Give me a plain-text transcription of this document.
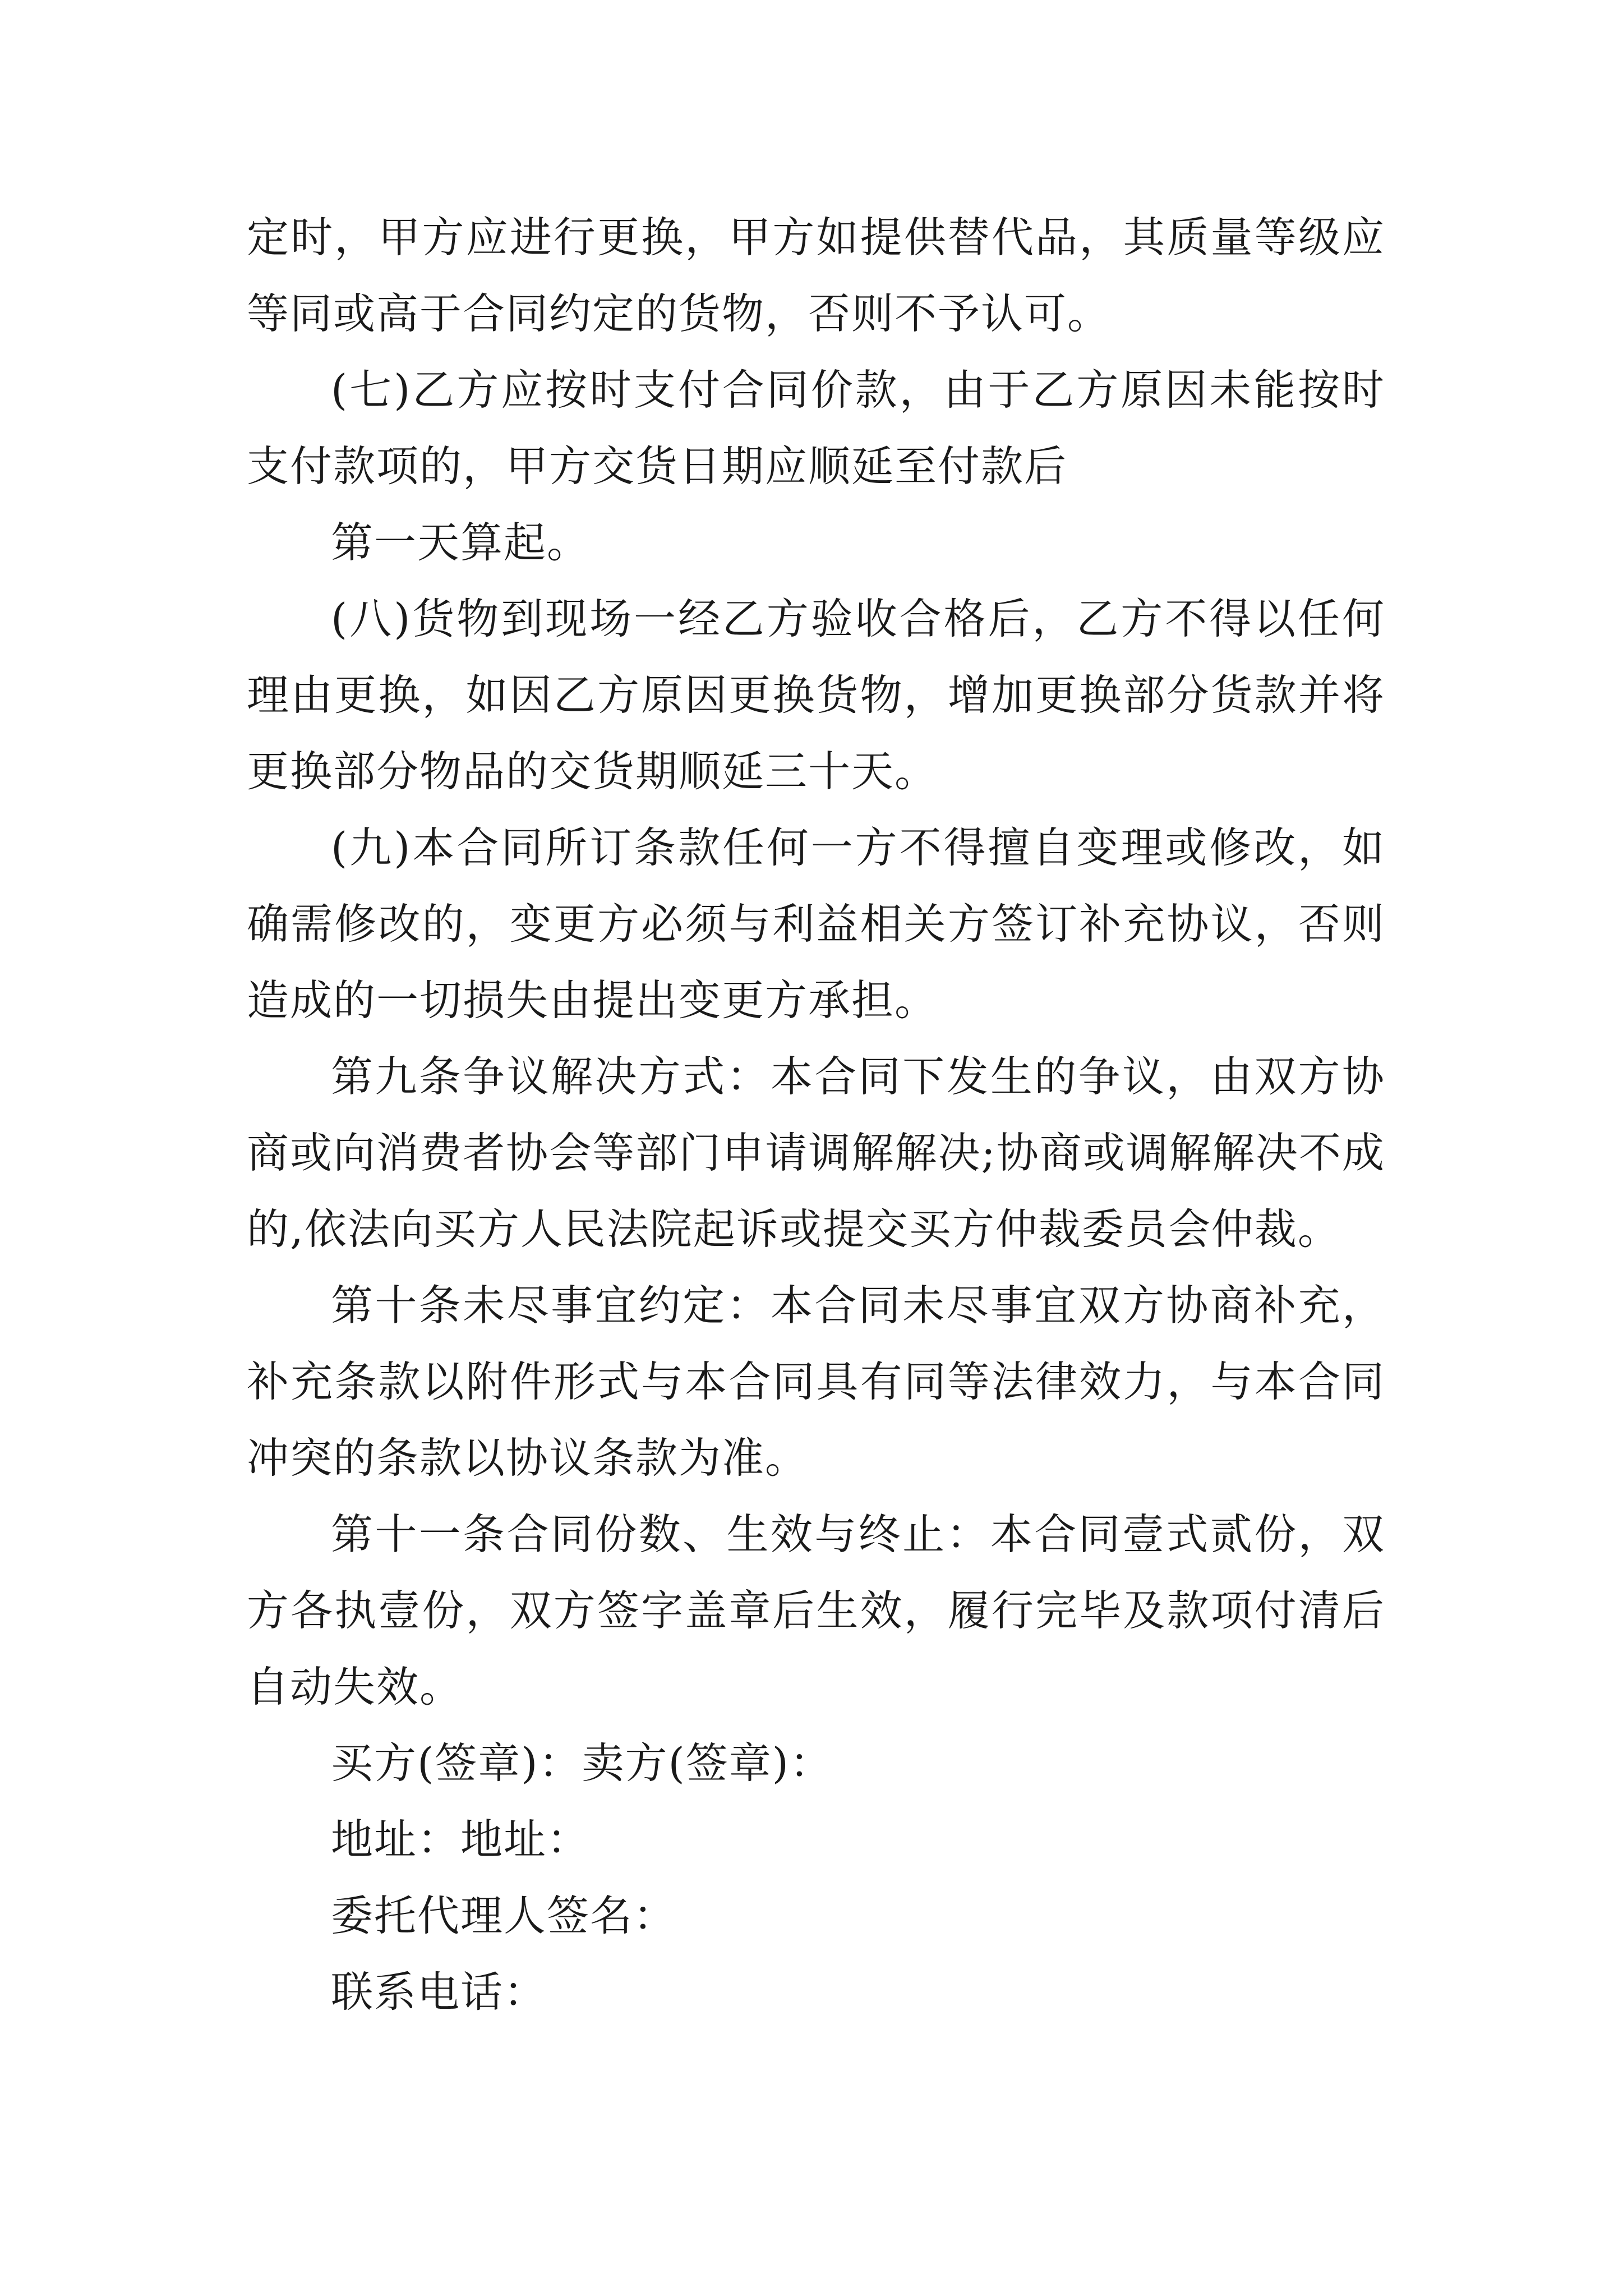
定时，甲方应进行更换，甲方如提供替代品，其质量等级应等同或高于合同约定的货物，否则不予认可。

(七)乙方应按时支付合同价款，由于乙方原因未能按时支付款项的，甲方交货日期应顺延至付款后

第一天算起。

(八)货物到现场一经乙方验收合格后，乙方不得以任何理由更换，如因乙方原因更换货物，增加更换部分货款并将更换部分物品的交货期顺延三十天。

(九)本合同所订条款任何一方不得擅自变理或修改，如确需修改的，变更方必须与利益相关方签订补充协议，否则造成的一切损失由提出变更方承担。

第九条争议解决方式：本合同下发生的争议，由双方协商或向消费者协会等部门申请调解解决;协商或调解解决不成的,依法向买方人民法院起诉或提交买方仲裁委员会仲裁。

第十条未尽事宜约定：本合同未尽事宜双方协商补充，补充条款以附件形式与本合同具有同等法律效力，与本合同冲突的条款以协议条款为准。

第十一条合同份数、生效与终止：本合同壹式贰份，双方各执壹份，双方签字盖章后生效，履行完毕及款项付清后自动失效。

买方(签章)：卖方(签章)：

地址：地址：

委托代理人签名：

联系电话：
